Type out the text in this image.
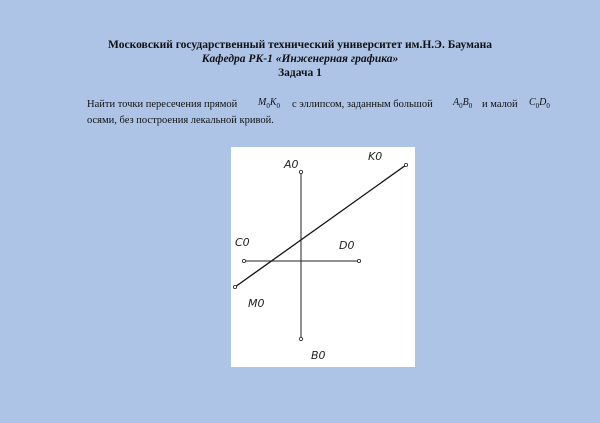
Московский государственный технический университет им.Н.Э. Баумана
Кафедра РК-1 «Инженерная графика»
Задача 1
Найти точки пересечения прямой $M_0K_0$ с эллипсом, заданным большой $A_0B_0$ и малой $C_0D_0$
осями, без построения лекальной кривой.
A0
B0
C0	D0
K0
M0
